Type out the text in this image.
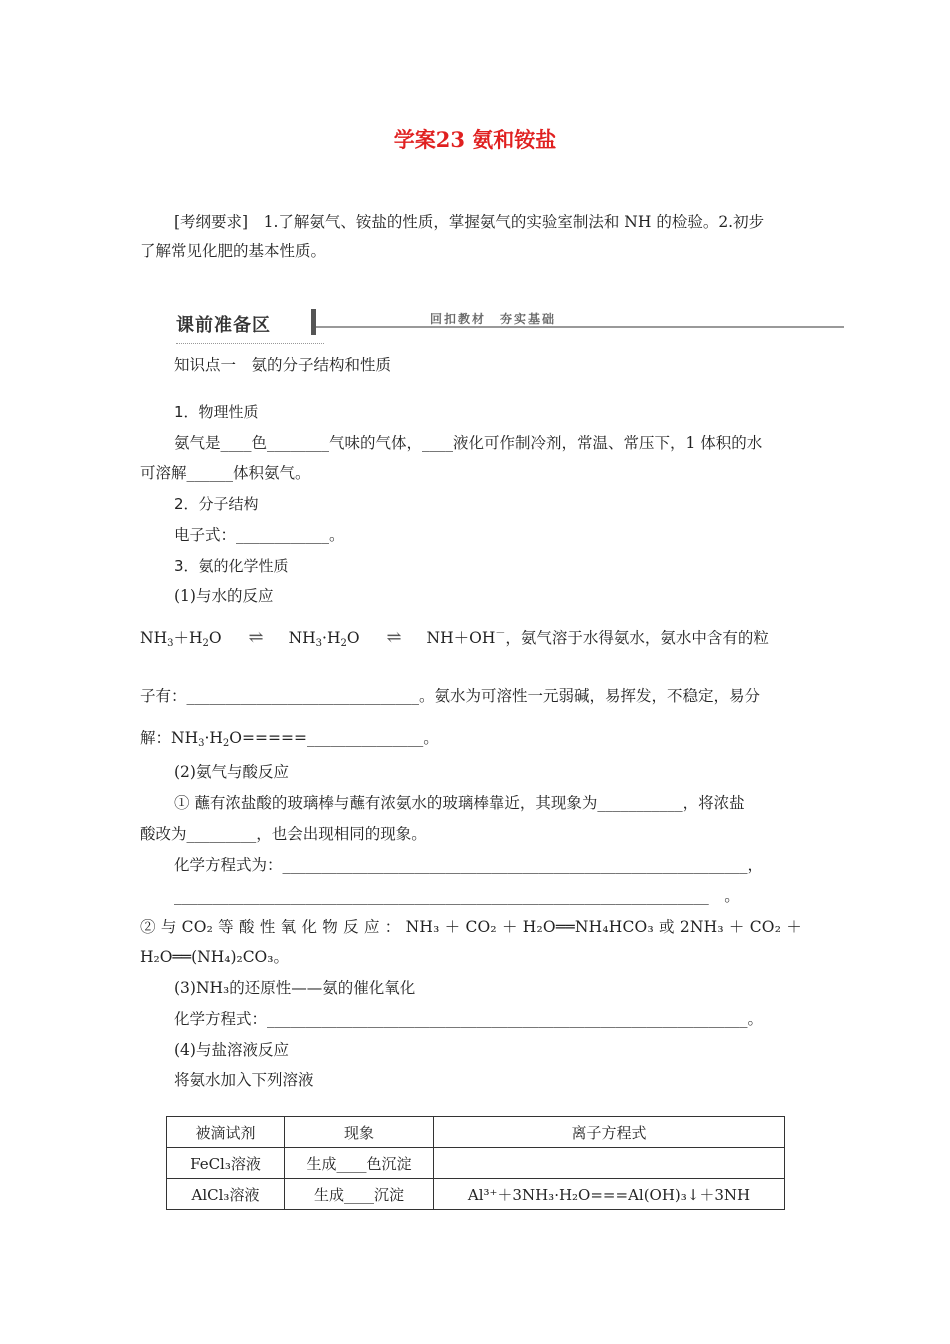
学案23 氨和铵盐
[考纲要求]　1.了解氨气、铵盐的性质，掌握氨气的实验室制法和 NH 的检验。2.初步
了解常见化肥的基本性质。
课前准备区	回扣教材　夯实基础
知识点一　氨的分子结构和性质
1．物理性质
氨气是____色________气味的气体，____液化可作制冷剂，常温、常压下，1 体积的水
可溶解______体积氨气。
2．分子结构
电子式：____________。
3．氨的化学性质
(1)与水的反应
$NH_3+H_2O$ ⇌ $NH_3\cdot H_2O$ ⇌ NH＋OH－，氨气溶于水得氨水，氨水中含有的粒
子有：______________________________。氨水为可溶性一元弱碱，易挥发，不稳定，易分
解：$NH_3\cdot H_2O=====\_\_\_\_\_\_\_\_\_\_\_\_\_\_\_$。
(2)氨气与酸反应
① 蘸有浓盐酸的玻璃棒与蘸有浓氨水的玻璃棒靠近，其现象为___________，将浓盐
酸改为_________，也会出现相同的现象。
化学方程式为：____________________________________________________________，
_____________________________________________________________________　。
② 与 CO₂ 等 酸 性 氧 化 物 反 应 ： NH₃ ＋ CO₂ ＋ H₂O══NH₄HCO₃ 或 2NH₃ ＋ CO₂ ＋
H₂O══(NH₄)₂CO₃。
(3)NH₃的还原性——氨的催化氧化
化学方程式：______________________________________________________________。
(4)与盐溶液反应
将氨水加入下列溶液
被滴试剂	现象	离子方程式
FeCl₃溶液	生成____色沉淀	
AlCl₃溶液	生成____沉淀	Al³⁺＋3NH₃·H₂O===Al(OH)₃↓＋3NH
